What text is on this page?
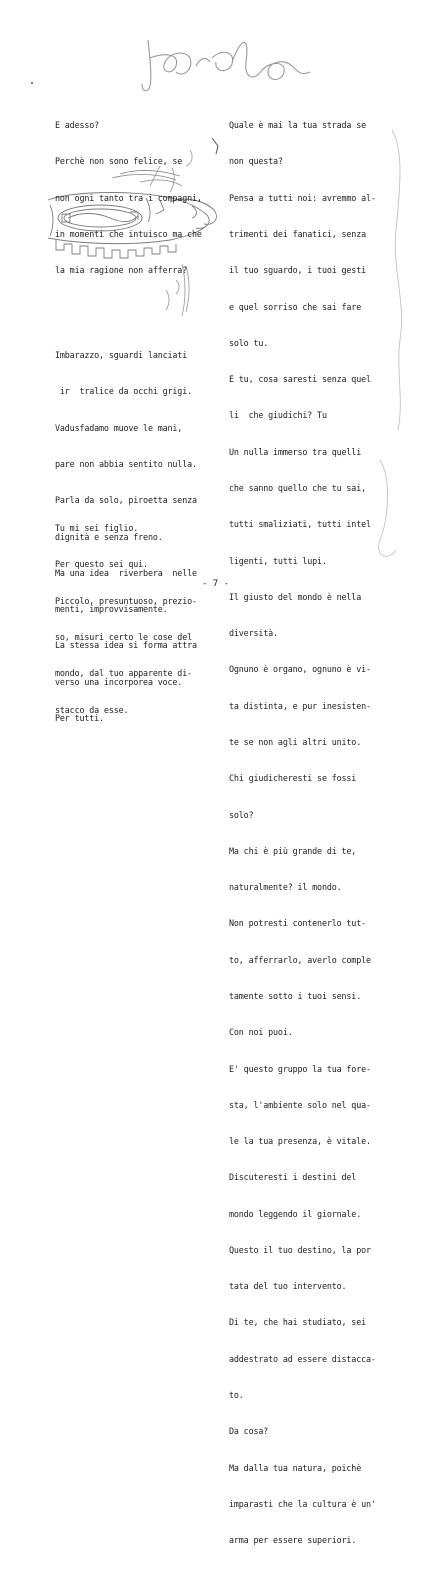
E adesso?

Perchè non sono felice, se

non ogni tanto tra i compagni,

in momenti che intuisco ma che

la mia ragione non afferra?

Imbarazzo, sguardi lanciati

ir  tralice da occhi grigi.

Vadusfadamo muove le mani,

pare non abbia sentito nulla.

Parla da solo, piroetta senza

dignità e senza freno.

Ma una idea  riverbera  nelle

menti, improvvisamente.

La stessa idea si forma attra

verso una incorporea voce.

Per tutti.

Tu mi sei figlio.

Per questo sei qui.

Piccolo, presuntuoso, prezio-

so, misuri certo le cose del

mondo, dal tuo apparente di-

stacco da esse.

Quale è mai la tua strada se

non questa?

Pensa a tutti noi: avremmo al-

trimenti dei fanatici, senza

il tuo sguardo, i tuoi gesti

e quel sorriso che sai fare

solo tu.

E tu, cosa saresti senza quel

li  che giudichi? Tu

Un nulla immerso tra quelli

che sanno quello che tu sai,

tutti smaliziati, tutti intel

ligenti, tutti lupi.

Il giusto del mondo è nella

diversità.

Ognuno è organo, ognuno è vi-

ta distinta, e pur inesisten-

te se non agli altri unito.

Chi giudicheresti se fossi

solo?

Ma chi è più grande di te,

naturalmente? il mondo.

Non potresti contenerlo tut-

to, afferrarlo, averlo comple

tamente sotto i tuoi sensi.

Con noi puoi.

E' questo gruppo la tua fore-

sta, l'ambiente solo nel qua-

le la tua presenza, è vitale.

Discuteresti i destini del

mondo leggendo il giornale.

Questo il tuo destino, la por

tata del tuo intervento.

Di te, che hai studiato, sei

addestrato ad essere distacca-

to.

Da cosa?

Ma dalla tua natura, poichè

imparasti che la cultura è un'

arma per essere superiori.

- 7 -
